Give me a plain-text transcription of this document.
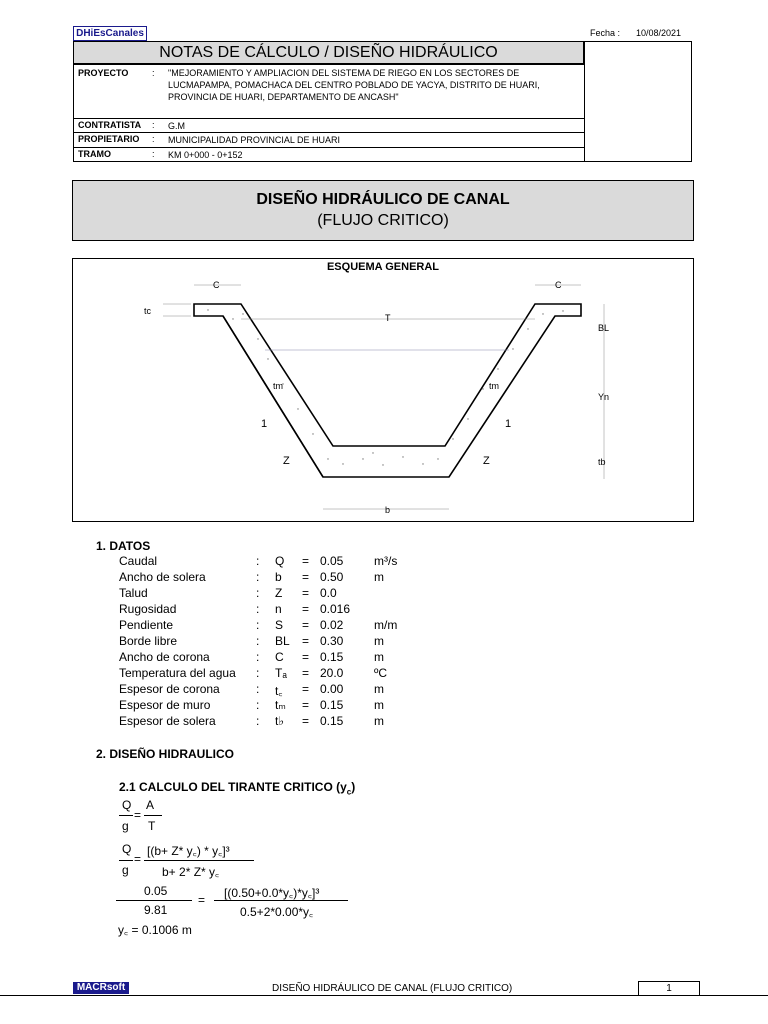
DHiEsCanales	Fecha : 10/08/2021
NOTAS DE CÁLCULO / DISEÑO HIDRÁULICO
PROYECTO	: "MEJORAMIENTO Y AMPLIACION DEL SISTEMA DE RIEGO EN LOS SECTORES DE LUCMAPAMPA, POMACHACA DEL CENTRO POBLADO DE YACYA, DISTRITO DE HUARI, PROVINCIA DE HUARI, DEPARTAMENTO DE ANCASH"
CONTRATISTA : G.M
PROPIETARIO : MUNICIPALIDAD PROVINCIAL DE HUARI
TRAMO	: KM 0+000 - 0+152
DISEÑO HIDRÁULICO DE CANAL
(FLUJO CRITICO)
ESQUEMA GENERAL
T
C	C
tc
BL
Yn
tb
tm	tm
1
Z
1
Z
b
1. DATOS
Caudal	: Q = 0.05	m³/s
Ancho de solera	: b = 0.50	m
Talud	: Z = 0.0
Rugosidad	: n = 0.016
Pendiente	: S = 0.02	m/m
Borde libre	: BL = 0.30	m
Ancho de corona	: C = 0.15	m
Temperatura del agua : Tₐ = 20.0	ºC
Espesor de corona	: t꜀ = 0.00	m
Espesor de muro	: tₘ = 0.15	m
Espesor de solera	: t♭ = 0.15	m
2. DISEÑO HIDRAULICO
2.1 CALCULO DEL TIRANTE CRITICO $(y_c)$
Q
g
=
A
T
Q
g
=
[(b+ Z* y꜀) * y꜀]³
b+ 2* Z* y꜀
0.05
9.81
= [(0.50+0.0*y꜀)*y꜀]³
0.5+2*0.00*y꜀
y꜀ = 0.1006 m
MACRsoft	DISEÑO HIDRÁULICO DE CANAL (FLUJO CRITICO)	1
